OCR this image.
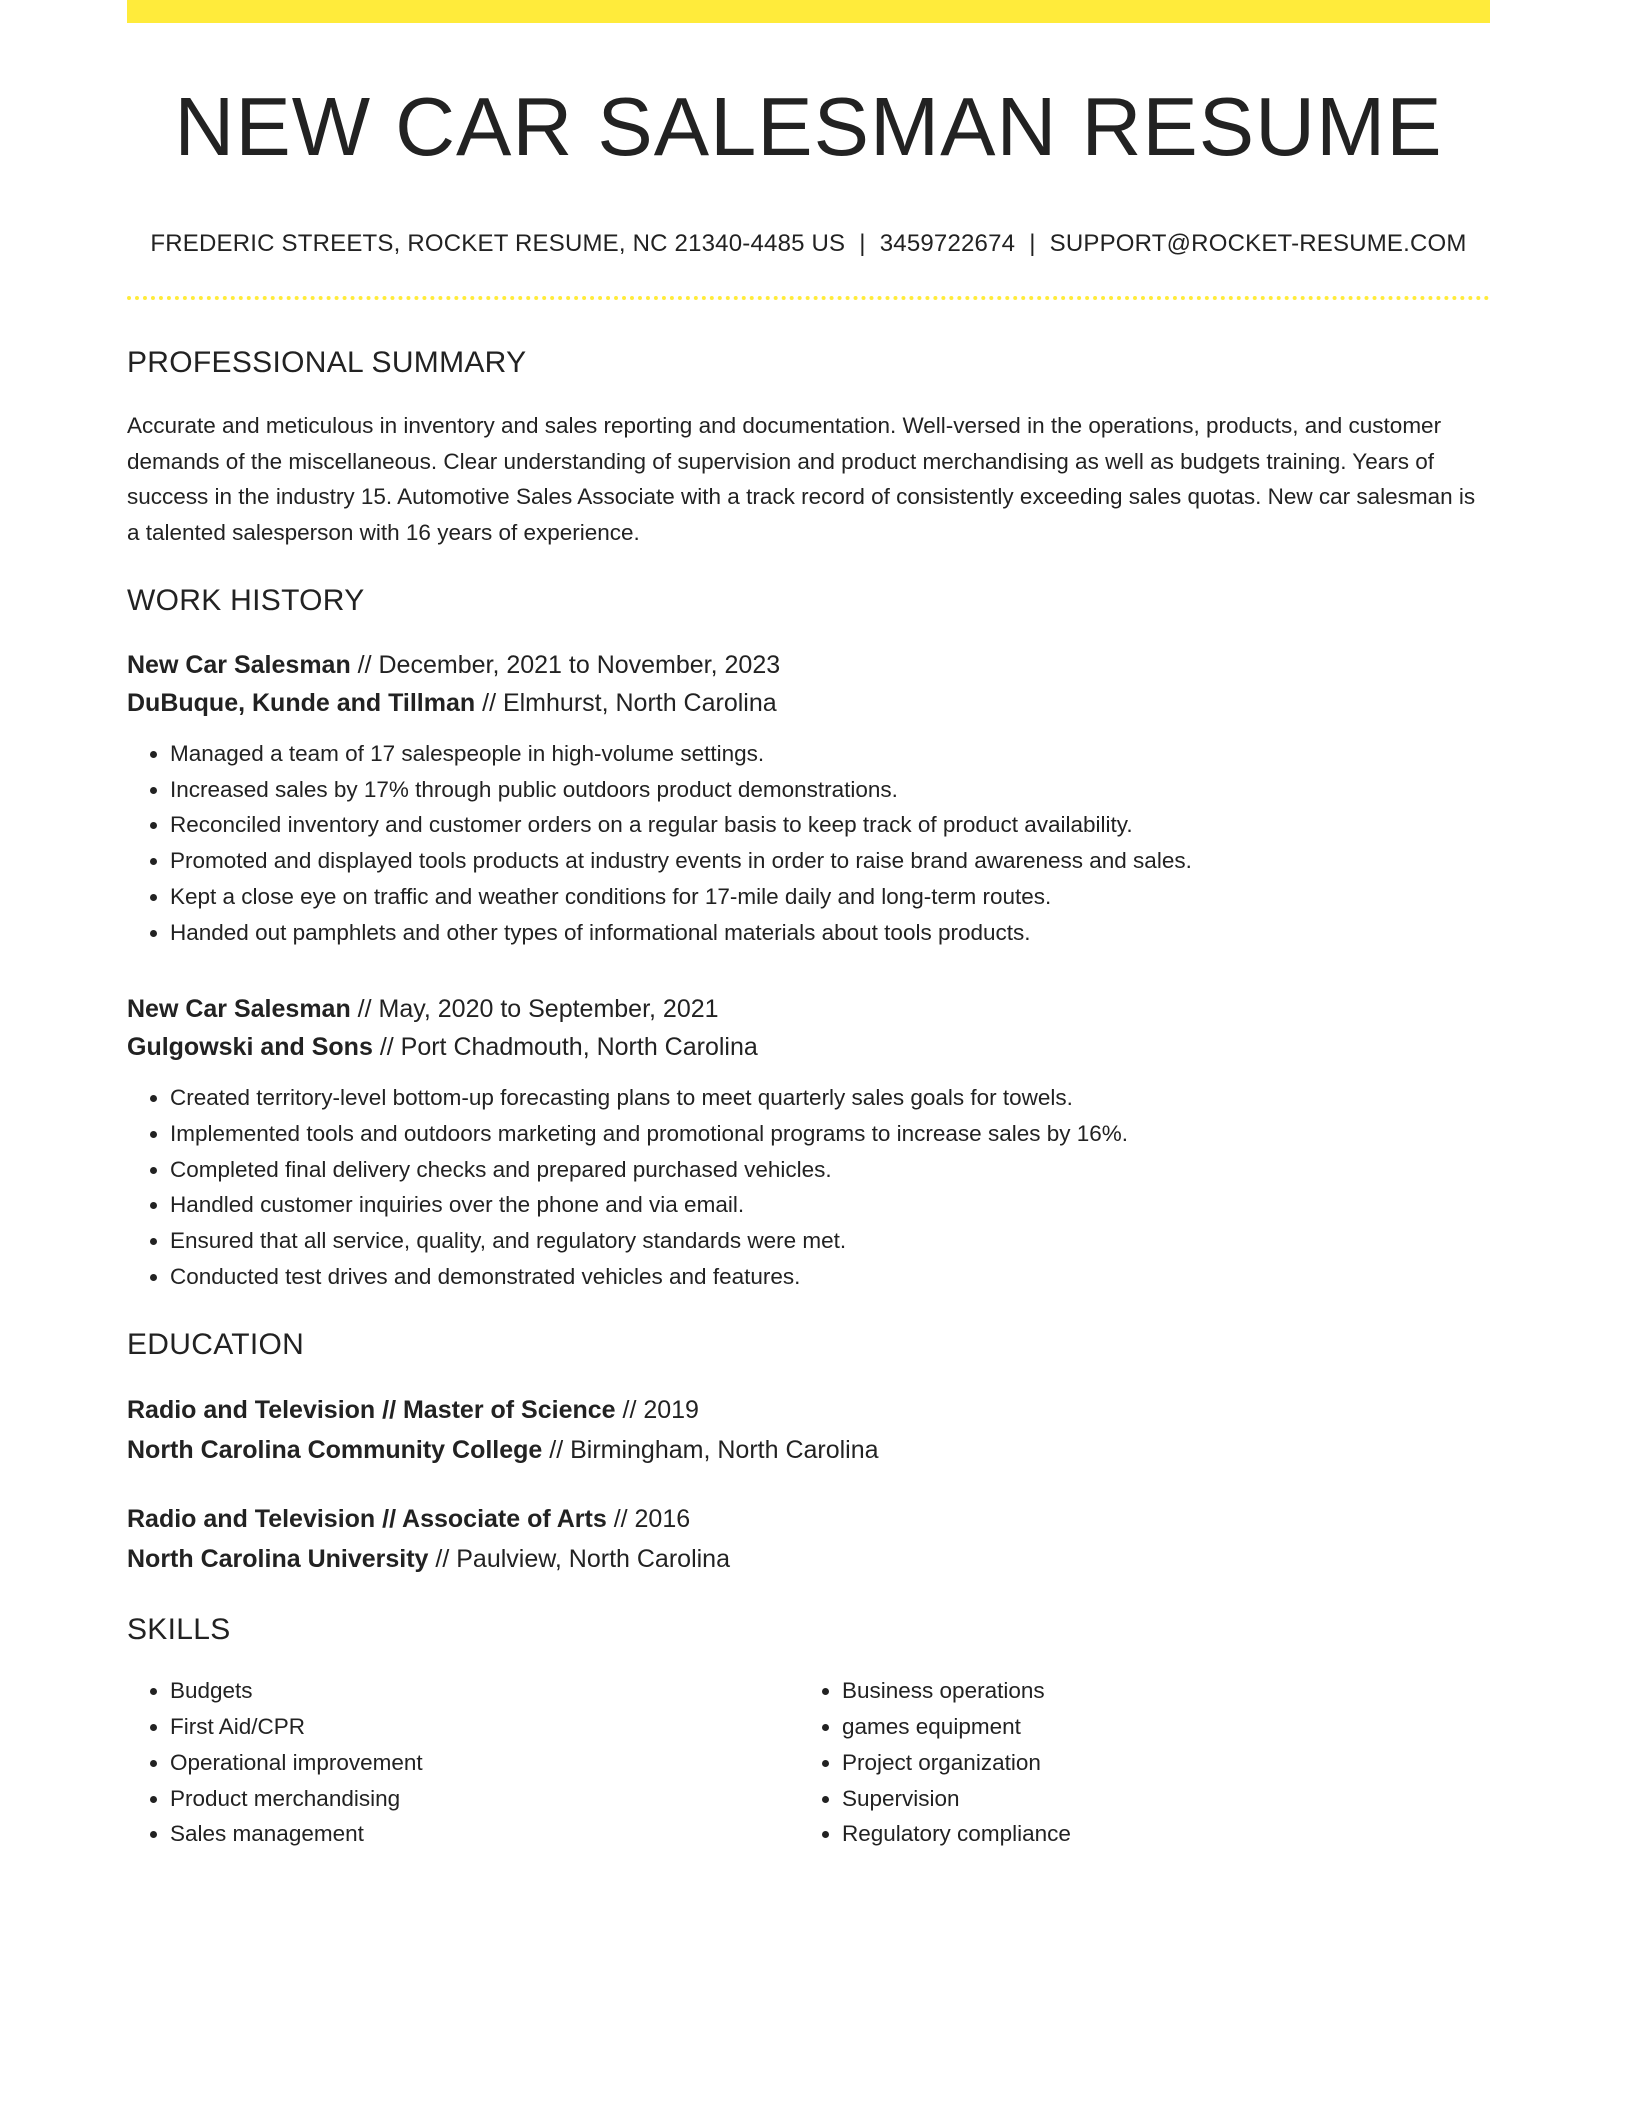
NEW CAR SALESMAN RESUME
FREDERIC STREETS, ROCKET RESUME, NC 21340-4485 US | 3459722674 | SUPPORT@ROCKET-RESUME.COM
PROFESSIONAL SUMMARY
Accurate and meticulous in inventory and sales reporting and documentation. Well-versed in the operations, products, and customer demands of the miscellaneous. Clear understanding of supervision and product merchandising as well as budgets training. Years of success in the industry 15. Automotive Sales Associate with a track record of consistently exceeding sales quotas. New car salesman is a talented salesperson with 16 years of experience.
WORK HISTORY
New Car Salesman // December, 2021 to November, 2023
DuBuque, Kunde and Tillman // Elmhurst, North Carolina
• Managed a team of 17 salespeople in high-volume settings.
• Increased sales by 17% through public outdoors product demonstrations.
• Reconciled inventory and customer orders on a regular basis to keep track of product availability.
• Promoted and displayed tools products at industry events in order to raise brand awareness and sales.
• Kept a close eye on traffic and weather conditions for 17-mile daily and long-term routes.
• Handed out pamphlets and other types of informational materials about tools products.
New Car Salesman // May, 2020 to September, 2021
Gulgowski and Sons // Port Chadmouth, North Carolina
• Created territory-level bottom-up forecasting plans to meet quarterly sales goals for towels.
• Implemented tools and outdoors marketing and promotional programs to increase sales by 16%.
• Completed final delivery checks and prepared purchased vehicles.
• Handled customer inquiries over the phone and via email.
• Ensured that all service, quality, and regulatory standards were met.
• Conducted test drives and demonstrated vehicles and features.
EDUCATION
Radio and Television // Master of Science // 2019
North Carolina Community College // Birmingham, North Carolina
Radio and Television // Associate of Arts // 2016
North Carolina University // Paulview, North Carolina
SKILLS
• Budgets
• First Aid/CPR
• Operational improvement
• Product merchandising
• Sales management
• Business operations
• games equipment
• Project organization
• Supervision
• Regulatory compliance
